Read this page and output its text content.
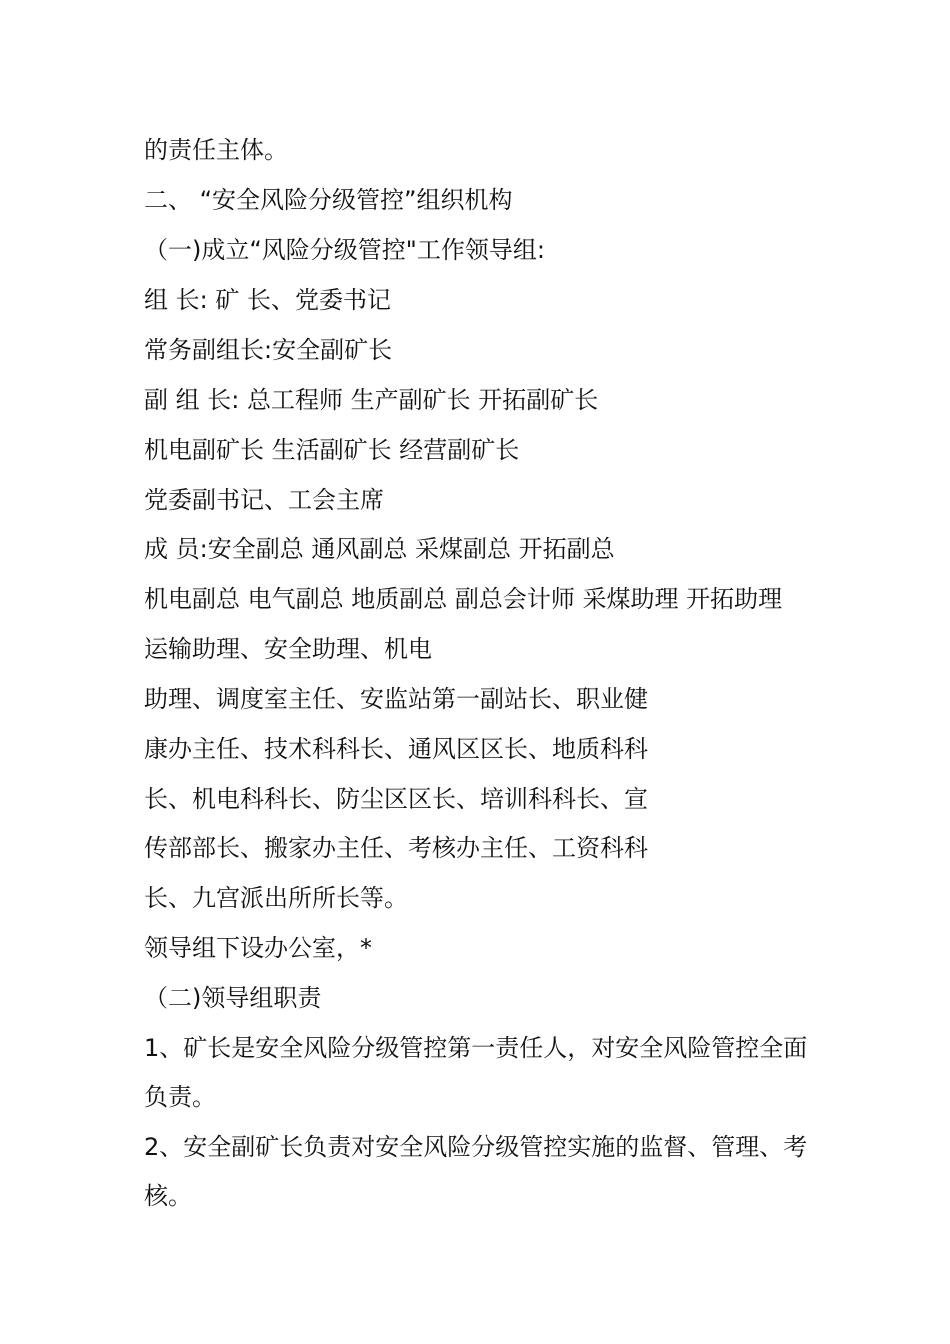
的责任主体。

二、 “安全风险分级管控”组织机构

（一)成立“风险分级管控"工作领导组:

组 长: 矿 长、党委书记

常务副组长:安全副矿长

副 组 长: 总工程师 生产副矿长 开拓副矿长

机电副矿长 生活副矿长 经营副矿长

党委副书记、工会主席

成 员:安全副总 通风副总 采煤副总 开拓副总

机电副总 电气副总 地质副总 副总会计师 采煤助理 开拓助理

运输助理、安全助理、机电

助理、调度室主任、安监站第一副站长、职业健

康办主任、技术科科长、通风区区长、地质科科

长、机电科科长、防尘区区长、培训科科长、宣

传部部长、搬家办主任、考核办主任、工资科科

长、九宫派出所所长等。

领导组下设办公室，*

（二)领导组职责

1、矿长是安全风险分级管控第一责任人，对安全风险管控全面

负责。

2、安全副矿长负责对安全风险分级管控实施的监督、管理、考

核。
